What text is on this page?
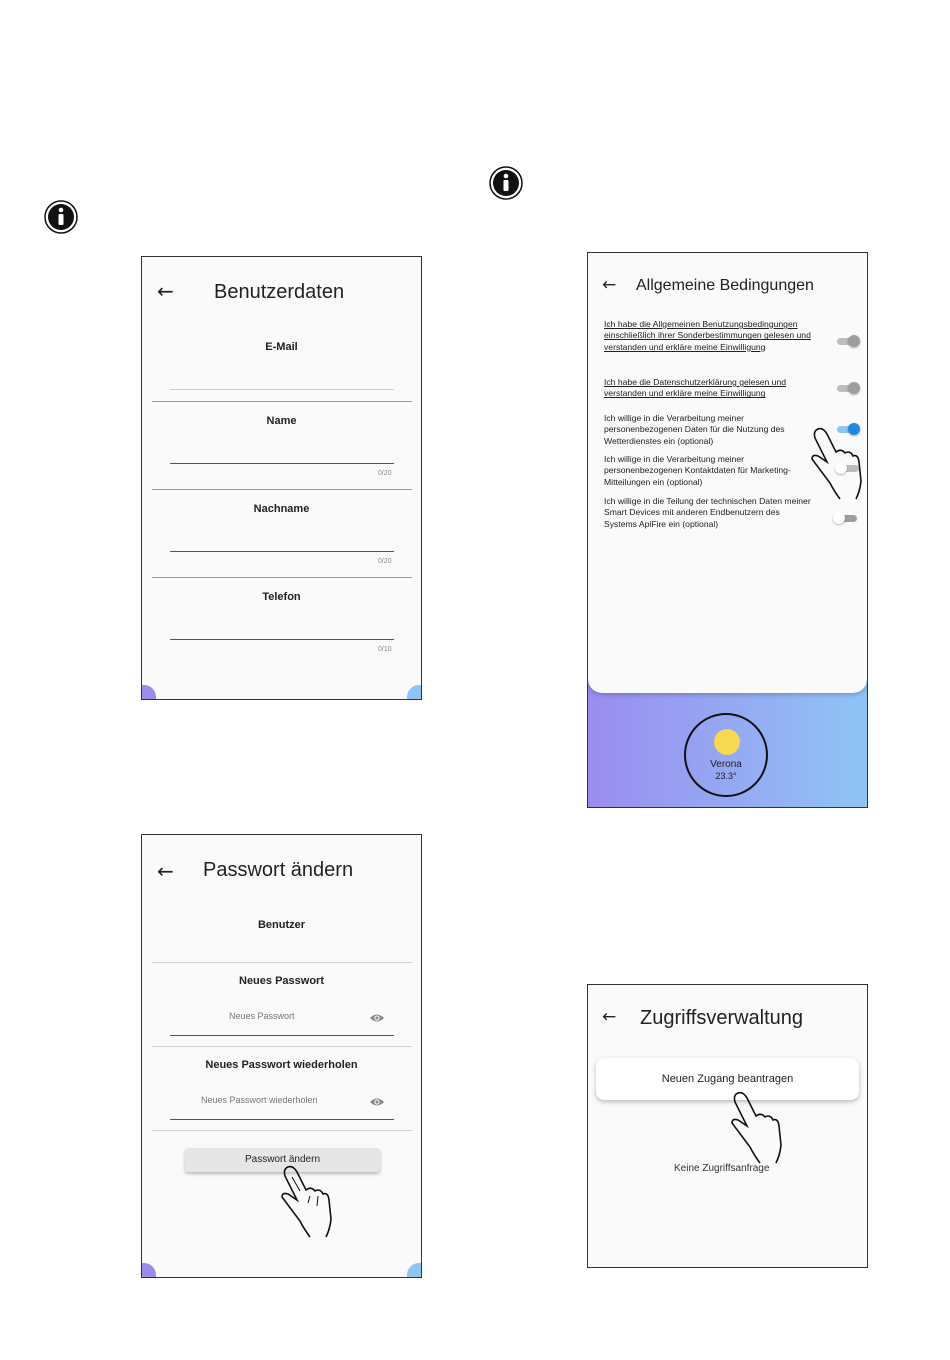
← Benutzerdaten
E-Mail
Name
0/20
Nachname
0/20
Telefon
0/10
← Passwort ändern
Benutzer
Neues Passwort
Neues Passwort
Neues Passwort wiederholen
Neues Passwort wiederholen
Passwort ändern
← Allgemeine Bedingungen
Ich habe die Allgemeinen Benutzungsbedingungen einschließlich ihrer Sonderbestimmungen gelesen und verstanden und erkläre meine Einwilligung
Ich habe die Datenschutzerklärung gelesen und verstanden und erkläre meine Einwilligung
Ich willige in die Verarbeitung meiner personenbezogenen Daten für die Nutzung des Wetterdienstes ein (optional)
Ich willige in die Verarbeitung meiner personenbezogenen Kontaktdaten für Marketing-Mitteilungen ein (optional)
Ich willige in die Teilung der technischen Daten meiner Smart Devices mit anderen Endbenutzern des Systems ApiFire ein (optional)
Verona
23.3°
← Zugriffsverwaltung
Neuen Zugang beantragen
Keine Zugriffsanfrage
